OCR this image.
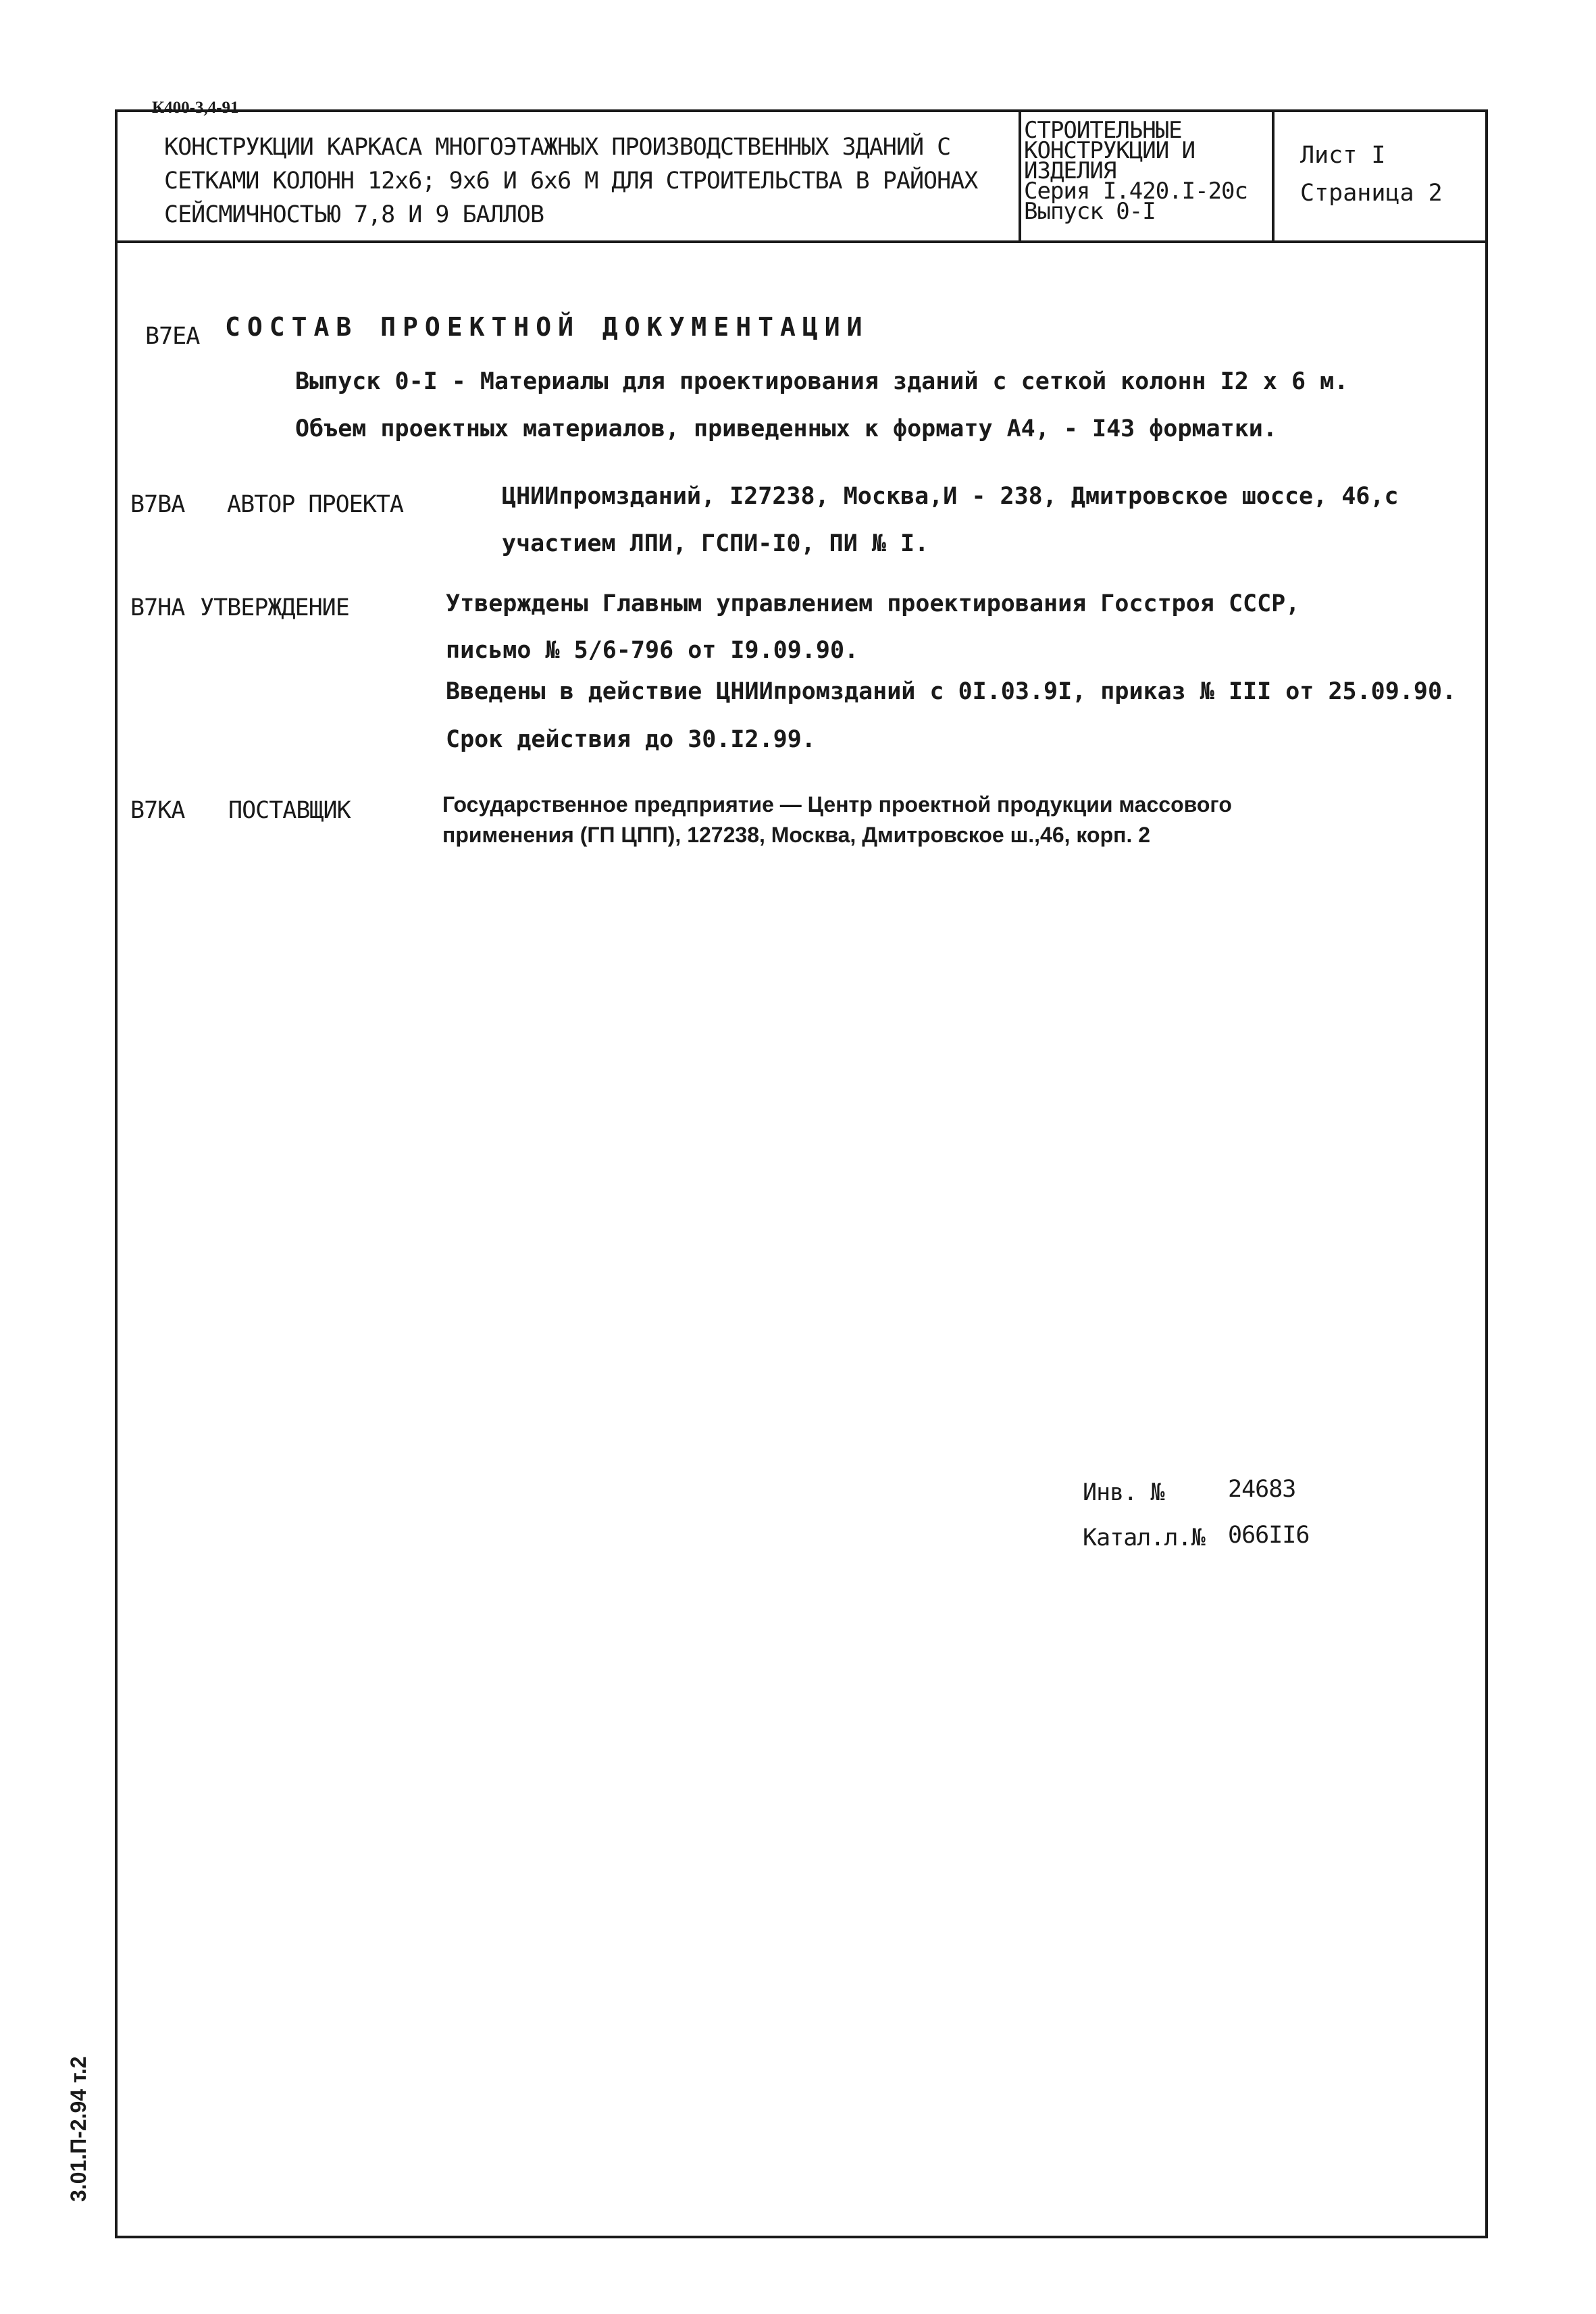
К400-3,4-91
КОНСТРУКЦИИ КАРКАСА МНОГОЭТАЖНЫХ ПРОИЗВОДСТВЕННЫХ ЗДАНИЙ С
СЕТКАМИ КОЛОНН 12х6; 9х6 И 6х6 М ДЛЯ СТРОИТЕЛЬСТВА В РАЙОНАХ
СЕЙСМИЧНОСТЬЮ 7,8 И 9 БАЛЛОВ
СТРОИТЕЛЬНЫЕ
КОНСТРУКЦИИ И
ИЗДЕЛИЯ
Серия I.420.I-20с
Выпуск 0-I
Лист I
Страница 2
В7ЕА СОСТАВ ПРОЕКТНОЙ ДОКУМЕНТАЦИИ
Выпуск 0-I - Материалы для проектирования зданий с сеткой колонн I2 х 6 м.
Объем проектных материалов, приведенных к формату А4, - I43 форматки.
В7ВА АВТОР ПРОЕКТА	ЦНИИпромзданий, I27238, Москва,И - 238, Дмитровское шоссе, 46,с
участием ЛПИ, ГСПИ-I0, ПИ № I.
В7НА УТВЕРЖДЕНИЕ	Утверждены Главным управлением проектирования Госстроя СССР,
письмо № 5/6-796 от I9.09.90.
Введены в действие ЦНИИпромзданий с 0I.03.9I, приказ № III от 25.09.90.
Срок действия до 30.I2.99.
В7КА ПОСТАВЩИК	Государственное предприятие — Центр проектной продукции массового
применения (ГП ЦПП), 127238, Москва, Дмитровское ш.,46, корп. 2
Инв. №	24683
Катал.л.№ 066II6
3.01.П-2.94 т.2
